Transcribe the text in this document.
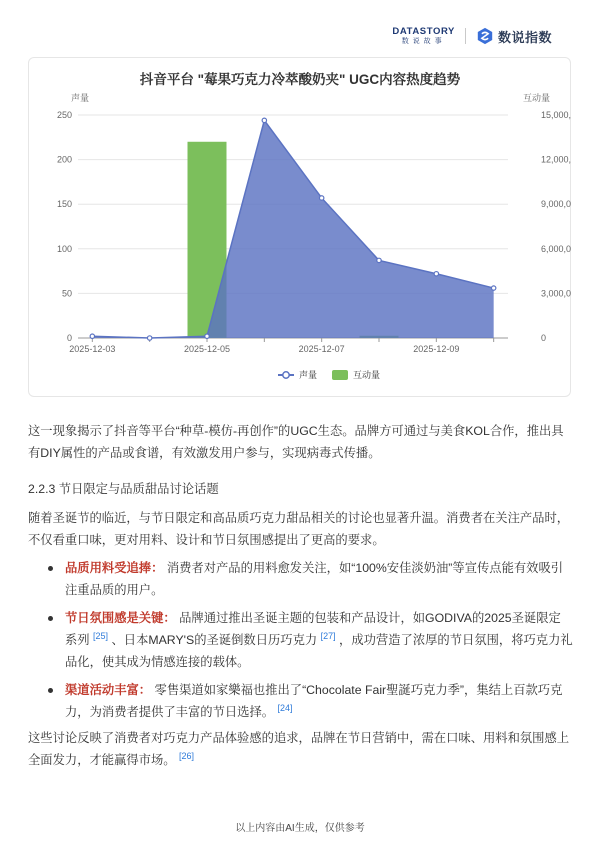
DATASTORY
数说故事	数说指数
抖音平台 "莓果巧克力冷萃酸奶夹" UGC内容热度趋势
声量	互动量
0	0
50	3,000,0
100	6,000,0
150	9,000,0
200	12,000,
250	15,000,
2025-12-03	2025-12-05	2025-12-07	2025-12-09
声量	互动量

这一现象揭示了抖音等平台“种草-模仿-再创作”的UGC生态。品牌方可通过与美食KOL合作，推出具有DIY属性的产品或食谱，有效激发用户参与，实现病毒式传播。

2.2.3 节日限定与品质甜品讨论话题

随着圣诞节的临近，与节日限定和高品质巧克力甜品相关的讨论也显著升温。消费者在关注产品时，不仅看重口味，更对用料、设计和节日氛围感提出了更高的要求。

品质用料受追捧： 消费者对产品的用料愈发关注，如“100%安佳淡奶油”等宣传点能有效吸引注重品质的用户。
节日氛围感是关键： 品牌通过推出圣诞主题的包装和产品设计，如GODIVA的2025圣诞限定系列 [25] 、日本MARY'S的圣诞倒数日历巧克力 [27] ，成功营造了浓厚的节日氛围，将巧克力礼品化，使其成为情感连接的载体。
渠道活动丰富： 零售渠道如家樂福也推出了“Chocolate Fair聖誕巧克力季”，集结上百款巧克力，为消费者提供了丰富的节日选择。 [24]

这些讨论反映了消费者对巧克力产品体验感的追求，品牌在节日营销中，需在口味、用料和氛围感上全面发力，才能赢得市场。 [26]

以上内容由AI生成，仅供参考
